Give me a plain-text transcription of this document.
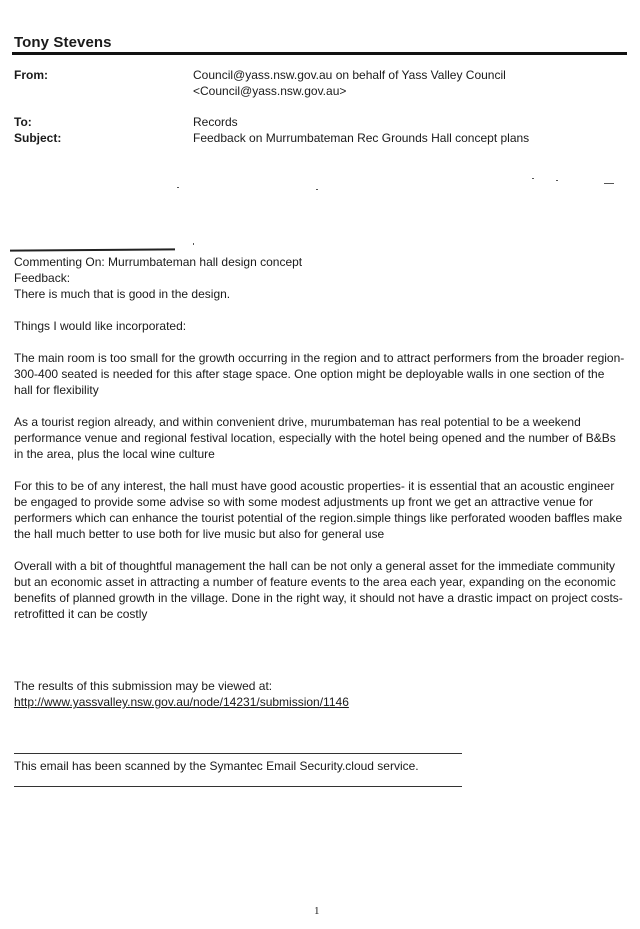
Tony Stevens
From:	Council@yass.nsw.gov.au on behalf of Yass Valley Council
<Council@yass.nsw.gov.au>
To:	Records
Subject:	Feedback on Murrumbateman Rec Grounds Hall concept plans

Commenting On: Murrumbateman hall design concept

Feedback:

There is much that is good in the design.

Things I would like incorporated:

The main room is too small for the growth occurring in the region and to attract performers from the broader region- 300-400 seated is needed for this after stage space. One option might be deployable walls in one section of the hall for flexibility

As a tourist region already, and within convenient drive, murumbateman has real potential to be a weekend performance venue and regional festival location, especially with the hotel being opened and the number of B&Bs in the area, plus the local wine culture

For this to be of any interest, the hall must have good acoustic properties- it is essential that an acoustic engineer be engaged to provide some advise so with some modest adjustments up front we get an attractive venue for performers which can enhance the tourist potential of the region.simple things like perforated wooden baffles make the hall much better to use both for live music but also for general use

Overall with a bit of thoughtful management the hall can be not only a general asset for the immediate community but an economic asset in attracting a number of feature events to the area each year, expanding on the economic benefits of planned growth in the village. Done in the right way, it should not have a drastic impact on project costs- retrofitted it can be costly

The results of this submission may be viewed at:
http://www.yassvalley.nsw.gov.au/node/14231/submission/1146
This email has been scanned by the Symantec Email Security.cloud service.
1
